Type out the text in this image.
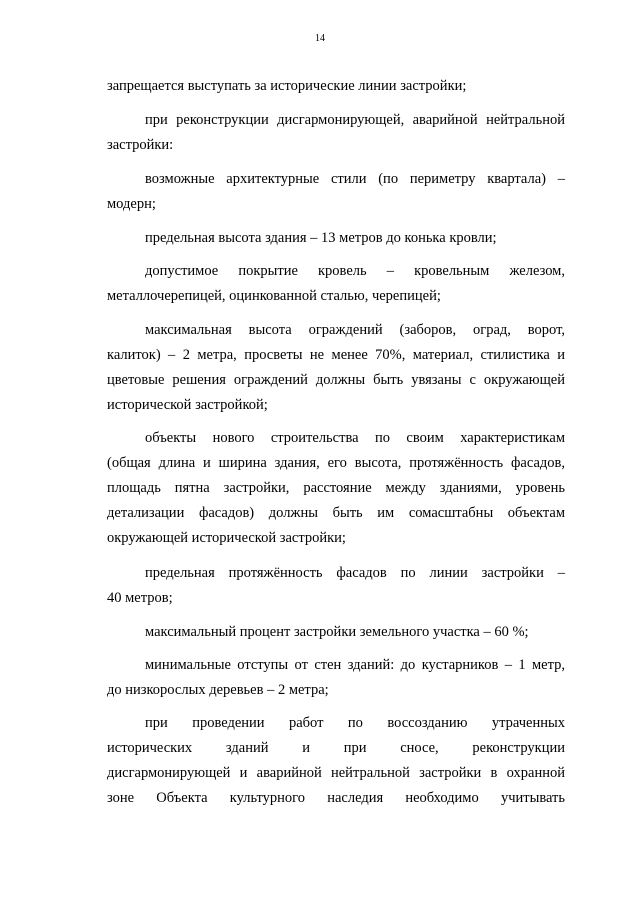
14
запрещается выступать за исторические линии застройки;
при реконструкции дисгармонирующей, аварийной нейтральной
застройки:
возможные архитектурные стили (по периметру квартала) –
модерн;
предельная высота здания – 13 метров до конька кровли;
допустимое покрытие кровель – кровельным железом,
металлочерепицей, оцинкованной сталью, черепицей;
максимальная высота ограждений (заборов, оград, ворот,
калиток) – 2 метра, просветы не менее 70%, материал, стилистика и
цветовые решения ограждений должны быть увязаны с окружающей
исторической застройкой;
объекты нового строительства по своим характеристикам
(общая длина и ширина здания, его высота, протяжённость фасадов,
площадь пятна застройки, расстояние между зданиями, уровень
детализации фасадов) должны быть им сомасштабны объектам
окружающей исторической застройки;
предельная протяжённость фасадов по линии застройки –
40 метров;
максимальный процент застройки земельного участка – 60 %;
минимальные отступы от стен зданий: до кустарников – 1 метр,
до низкорослых деревьев – 2 метра;
при проведении работ по воссозданию утраченных
исторических зданий и при сносе, реконструкции
дисгармонирующей и аварийной нейтральной застройки в охранной
зоне Объекта культурного наследия необходимо учитывать
